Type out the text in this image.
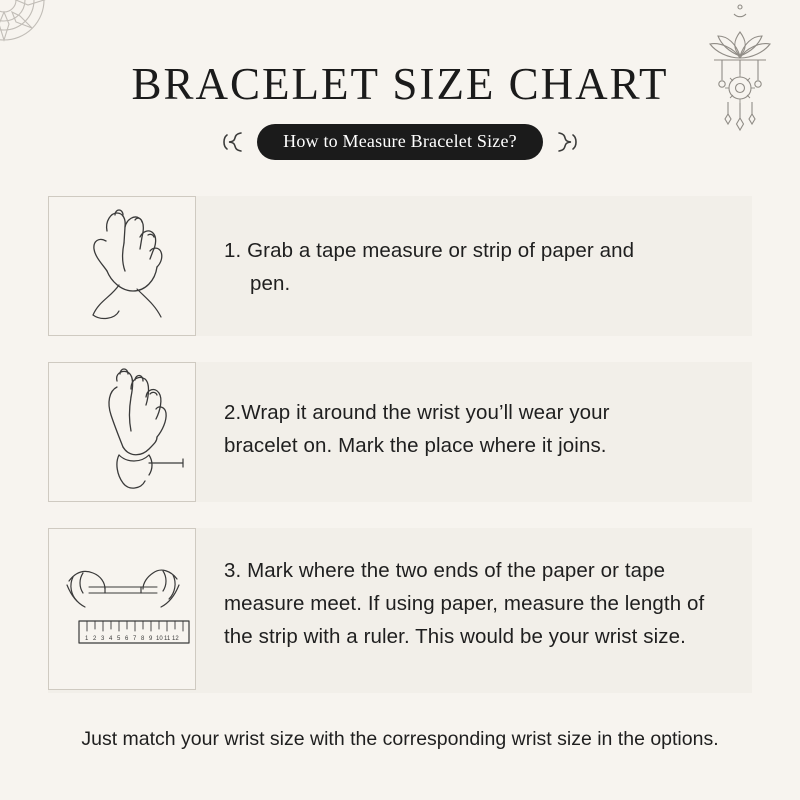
BRACELET SIZE CHART
How to Measure Bracelet Size?
1. Grab a tape measure or strip of paper and
pen.
2.Wrap it around the wrist you’ll wear your
bracelet on. Mark the place where it joins.
1 2 3 4 5 6 7 8 9 10 11 12
3. Mark where the two ends of the paper or tape measure meet. If using paper, measure the length of the strip with a ruler. This would be your wrist size.
Just match your wrist size with the corresponding wrist size in the options.
